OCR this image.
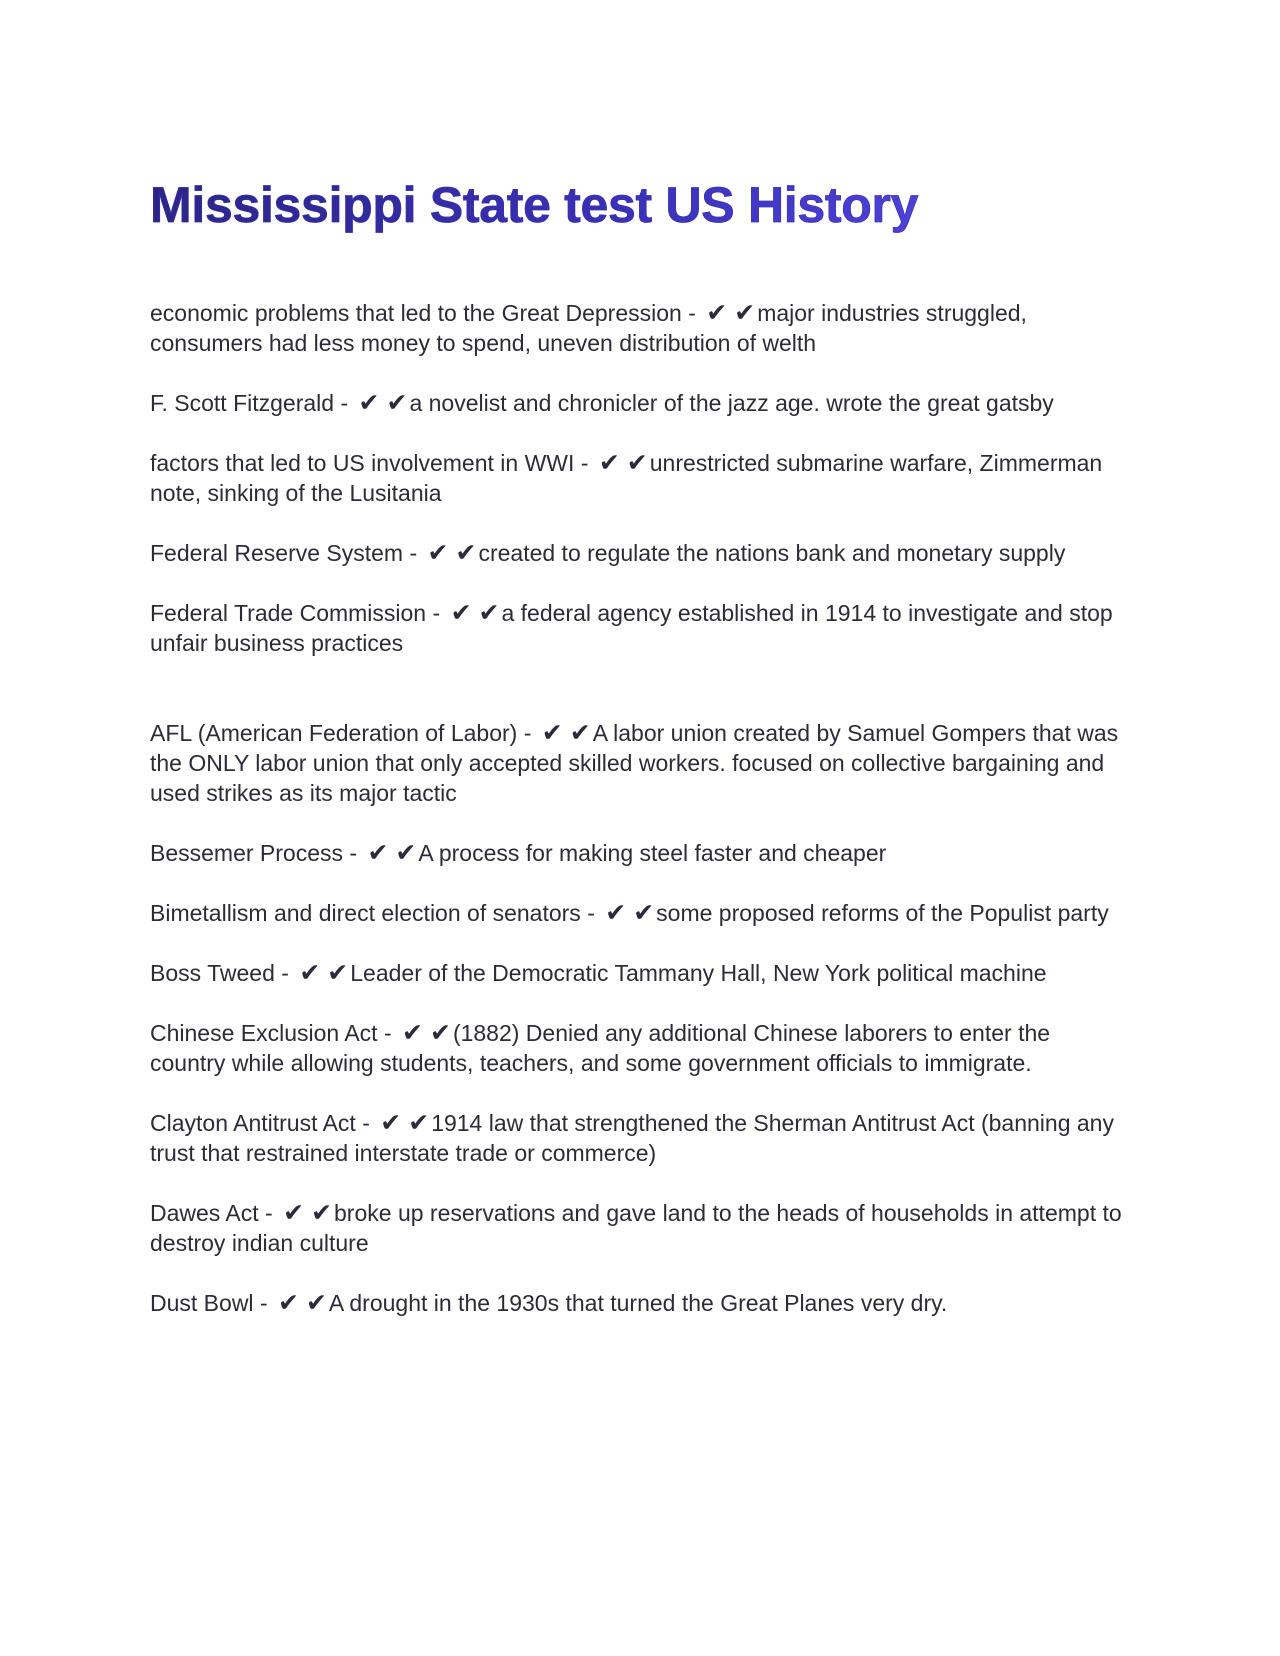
Mississippi State test US History

economic problems that led to the Great Depression - ✔ ✔major industries struggled, consumers had less money to spend, uneven distribution of welth

F. Scott Fitzgerald - ✔ ✔a novelist and chronicler of the jazz age. wrote the great gatsby

factors that led to US involvement in WWI - ✔ ✔unrestricted submarine warfare, Zimmerman note, sinking of the Lusitania

Federal Reserve System - ✔ ✔created to regulate the nations bank and monetary supply

Federal Trade Commission - ✔ ✔a federal agency established in 1914 to investigate and stop unfair business practices

AFL (American Federation of Labor) - ✔ ✔A labor union created by Samuel Gompers that was the ONLY labor union that only accepted skilled workers. focused on collective bargaining and used strikes as its major tactic

Bessemer Process - ✔ ✔A process for making steel faster and cheaper

Bimetallism and direct election of senators - ✔ ✔some proposed reforms of the Populist party

Boss Tweed - ✔ ✔Leader of the Democratic Tammany Hall, New York political machine

Chinese Exclusion Act - ✔ ✔(1882) Denied any additional Chinese laborers to enter the country while allowing students, teachers, and some government officials to immigrate.

Clayton Antitrust Act - ✔ ✔1914 law that strengthened the Sherman Antitrust Act (banning any trust that restrained interstate trade or commerce)

Dawes Act - ✔ ✔broke up reservations and gave land to the heads of households in attempt to destroy indian culture

Dust Bowl - ✔ ✔A drought in the 1930s that turned the Great Planes very dry.
